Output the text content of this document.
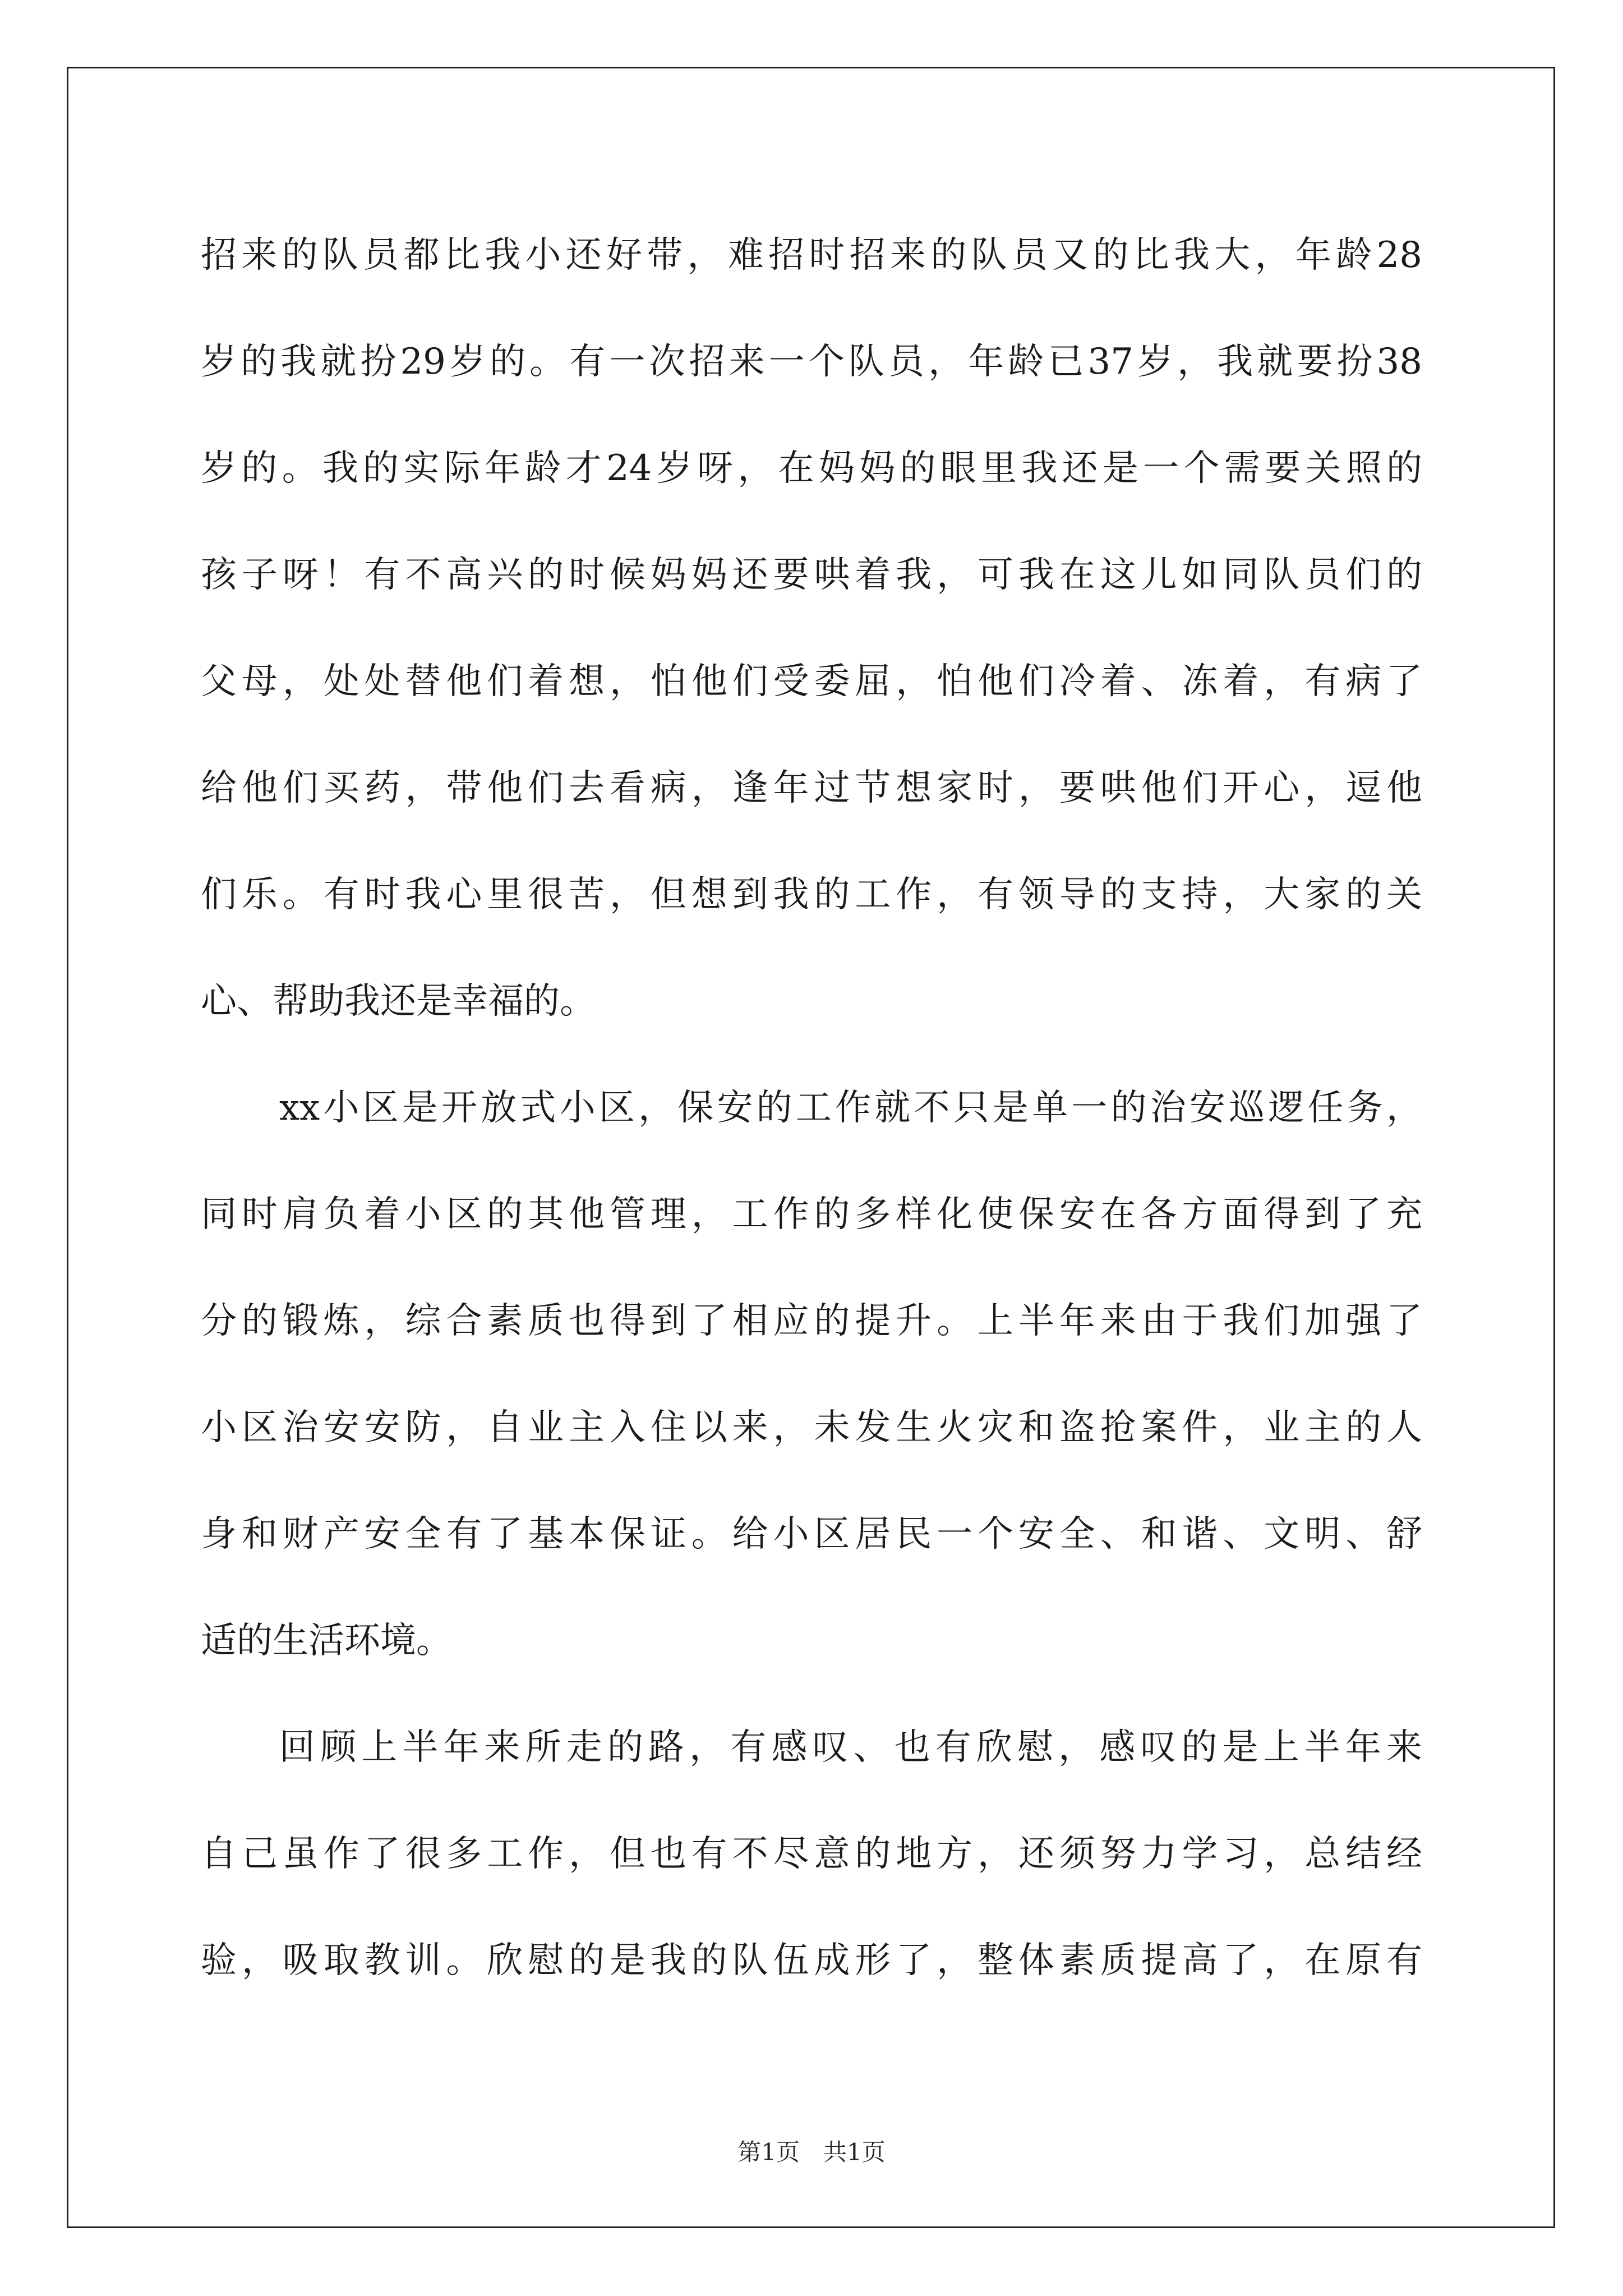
招来的队员都比我小还好带，难招时招来的队员又的比我大，年龄28
岁的我就扮29岁的。有一次招来一个队员，年龄已37岁，我就要扮38
岁的。我的实际年龄才24岁呀，在妈妈的眼里我还是一个需要关照的
孩子呀！有不高兴的时候妈妈还要哄着我，可我在这儿如同队员们的
父母，处处替他们着想，怕他们受委屈，怕他们冷着、冻着，有病了
给他们买药，带他们去看病，逢年过节想家时，要哄他们开心，逗他
们乐。有时我心里很苦，但想到我的工作，有领导的支持，大家的关
心、帮助我还是幸福的。
xx小区是开放式小区，保安的工作就不只是单一的治安巡逻任务，
同时肩负着小区的其他管理，工作的多样化使保安在各方面得到了充
分的锻炼，综合素质也得到了相应的提升。上半年来由于我们加强了
小区治安安防，自业主入住以来，未发生火灾和盗抢案件，业主的人
身和财产安全有了基本保证。给小区居民一个安全、和谐、文明、舒
适的生活环境。
回顾上半年来所走的路，有感叹、也有欣慰，感叹的是上半年来
自己虽作了很多工作，但也有不尽意的地方，还须努力学习，总结经
验，吸取教训。欣慰的是我的队伍成形了，整体素质提高了，在原有
第1页　共1页
